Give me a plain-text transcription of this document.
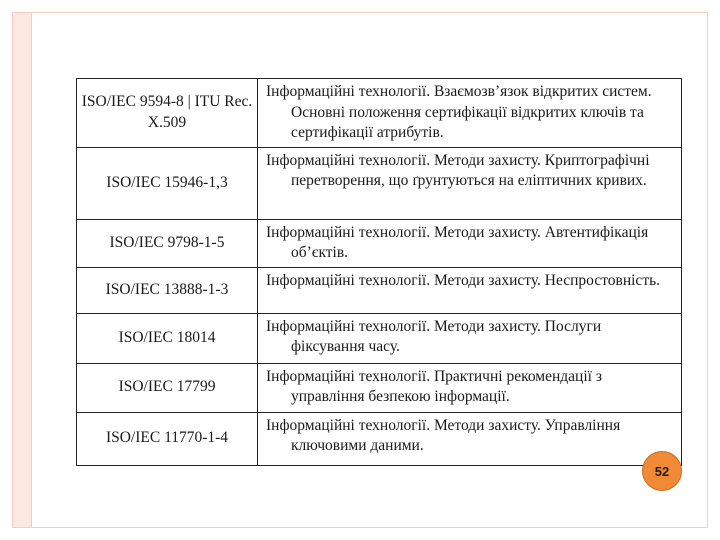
ISO/IEC 9594-8 | ITU Rec. X.509	Інформаційні технології. Взаємозв’язок відкритих систем. Основні положення сертифікації відкритих ключів та сертифікації атрибутів.

ISO/IEC 15946-1,3	Інформаційні технології. Методи захисту. Криптографічні перетворення, що ґрунтуються на еліптичних кривих.

ISO/IEC 9798-1-5	Інформаційні технології. Методи захисту. Автентифікація об’єктів.

ISO/IEC 13888-1-3	Інформаційні технології. Методи захисту. Неспростовність.

ISO/IEC 18014	Інформаційні технології. Методи захисту. Послуги фіксування часу.

ISO/IEC 17799	Інформаційні технології. Практичні рекомендації з управління безпекою інформації.

ISO/IEC 11770-1-4	Інформаційні технології. Методи захисту. Управління ключовими даними.

52
